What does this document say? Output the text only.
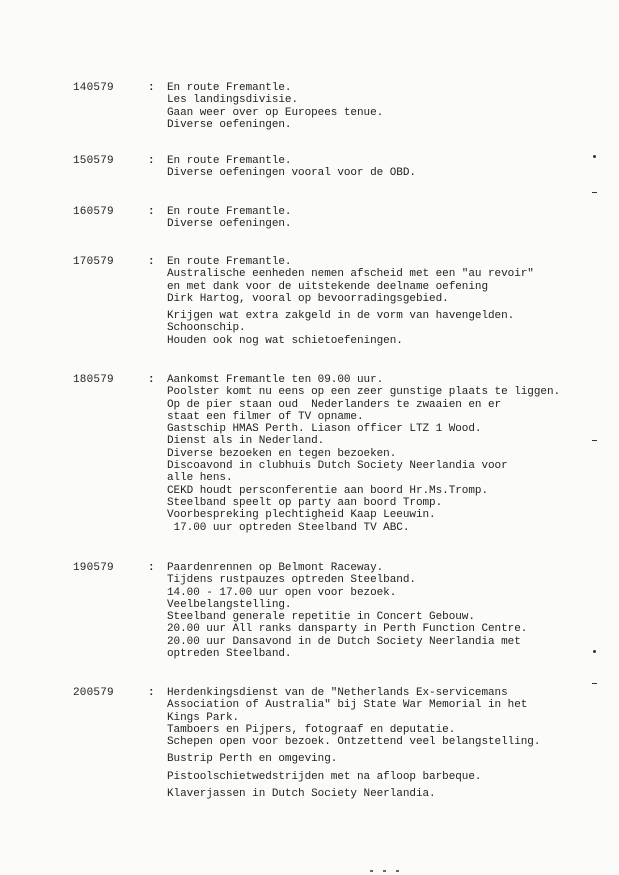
140579	: En route Fremantle.
Les landingsdivisie.
Gaan weer over op Europees tenue.
Diverse oefeningen.
150579	: En route Fremantle.
Diverse oefeningen vooral voor de OBD.
160579	: En route Fremantle.
Diverse oefeningen.
170579	: En route Fremantle.
Australische eenheden nemen afscheid met een "au revoir"
en met dank voor de uitstekende deelname oefening
Dirk Hartog, vooral op bevoorradingsgebied.
Krijgen wat extra zakgeld in de vorm van havengelden.
Schoonschip.
Houden ook nog wat schietoefeningen.
180579	: Aankomst Fremantle ten 09.00 uur.
Poolster komt nu eens op een zeer gunstige plaats te liggen.
Op de pier staan oud  Nederlanders te zwaaien en er
staat een filmer of TV opname.
Gastschip HMAS Perth. Liason officer LTZ 1 Wood.
Dienst als in Nederland.
Diverse bezoeken en tegen bezoeken.
Discoavond in clubhuis Dutch Society Neerlandia voor
alle hens.
CEKD houdt persconferentie aan boord Hr.Ms.Tromp.
Steelband speelt op party aan boord Tromp.
Voorbespreking plechtigheid Kaap Leeuwin.
17.00 uur optreden Steelband TV ABC.
190579	: Paardenrennen op Belmont Raceway.
Tijdens rustpauzes optreden Steelband.
14.00 - 17.00 uur open voor bezoek.
Veelbelangstelling.
Steelband generale repetitie in Concert Gebouw.
20.00 uur All ranks dansparty in Perth Function Centre.
20.00 uur Dansavond in de Dutch Society Neerlandia met
optreden Steelband.
200579	: Herdenkingsdienst van de "Netherlands Ex-servicemans
Association of Australia" bij State War Memorial in het
Kings Park.
Tamboers en Pijpers, fotograaf en deputatie.
Schepen open voor bezoek. Ontzettend veel belangstelling.
Bustrip Perth en omgeving.
Pistoolschietwedstrijden met na afloop barbeque.
Klaverjassen in Dutch Society Neerlandia.
